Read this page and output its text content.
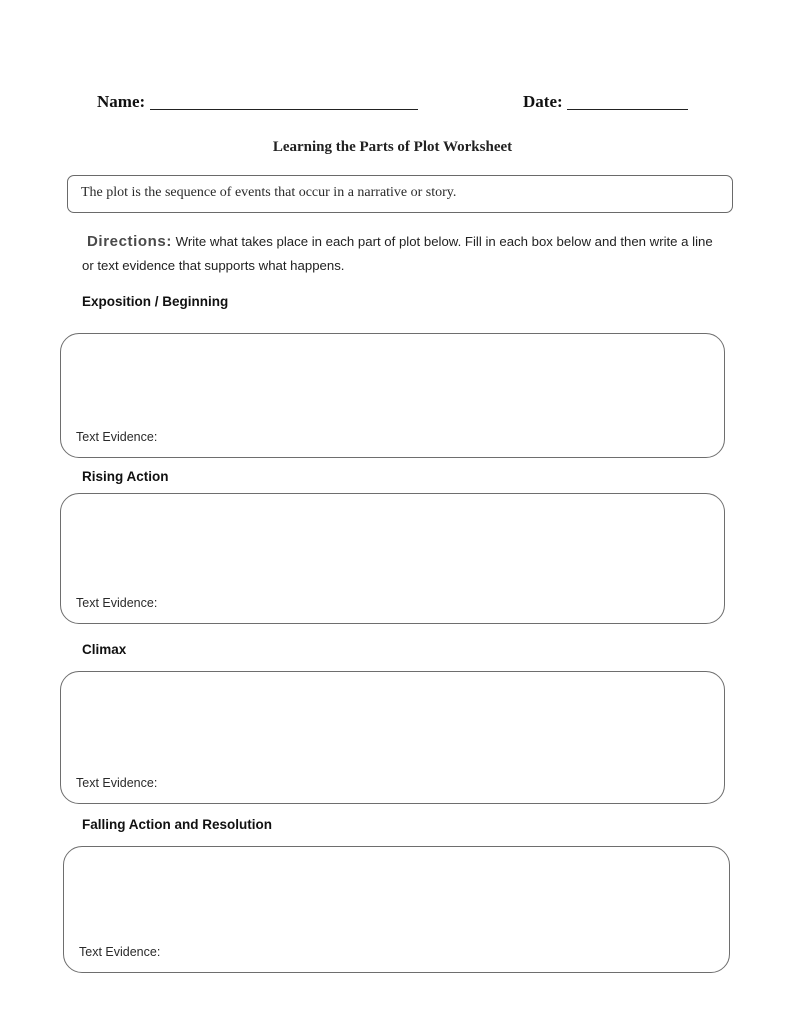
Name:	Date:
Learning the Parts of Plot Worksheet
The plot is the sequence of events that occur in a narrative or story.
Directions: Write what takes place in each part of plot below. Fill in each box below and then write a line or text evidence that supports what happens.
Exposition / Beginning
Text Evidence:
Rising Action
Text Evidence:
Climax
Text Evidence:
Falling Action and Resolution
Text Evidence:
